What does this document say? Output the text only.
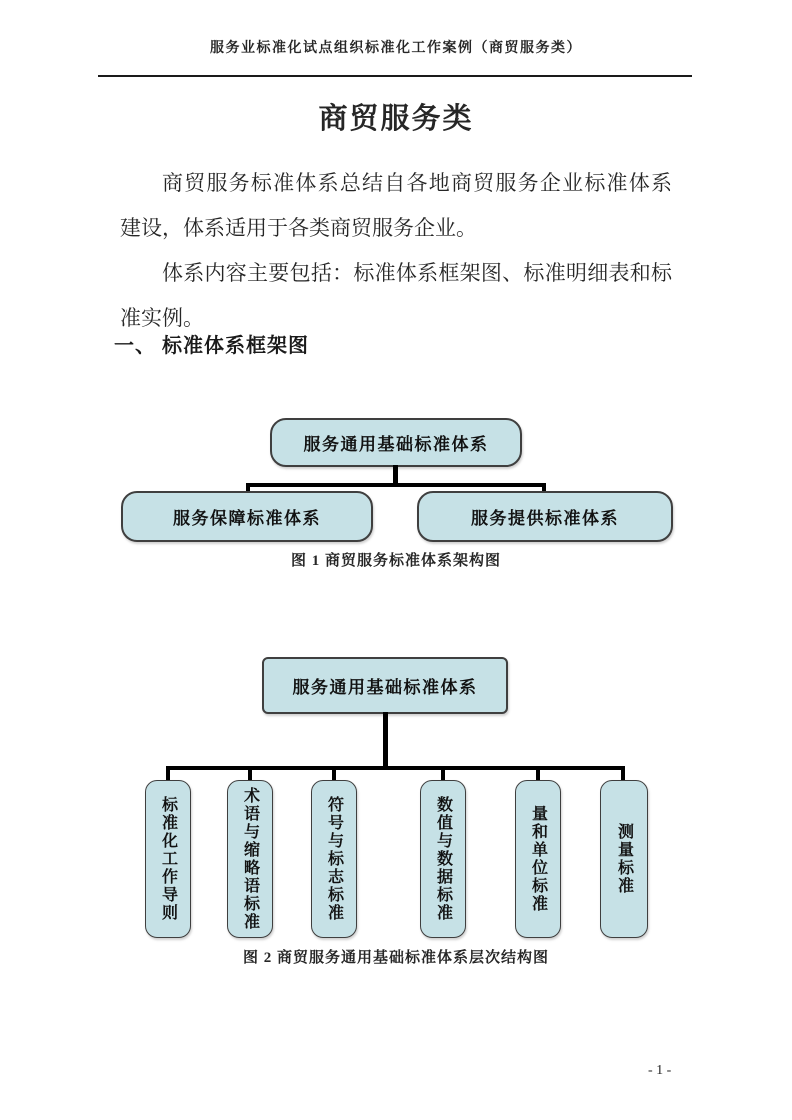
服务业标准化试点组织标准化工作案例（商贸服务类）
商贸服务类
商贸服务标准体系总结自各地商贸服务企业标准体系
建设，体系适用于各类商贸服务企业。
体系内容主要包括：标准体系框架图、标准明细表和标
准实例。
一、 标准体系框架图
服务通用基础标准体系
服务保障标准体系	服务提供标准体系
图 1 商贸服务标准体系架构图
服务通用基础标准体系
标准化工作导则	术语与缩略语标准	符号与标志标准	数值与数据标准	量和单位标准	测量标准
图 2 商贸服务通用基础标准体系层次结构图
- 1 -
